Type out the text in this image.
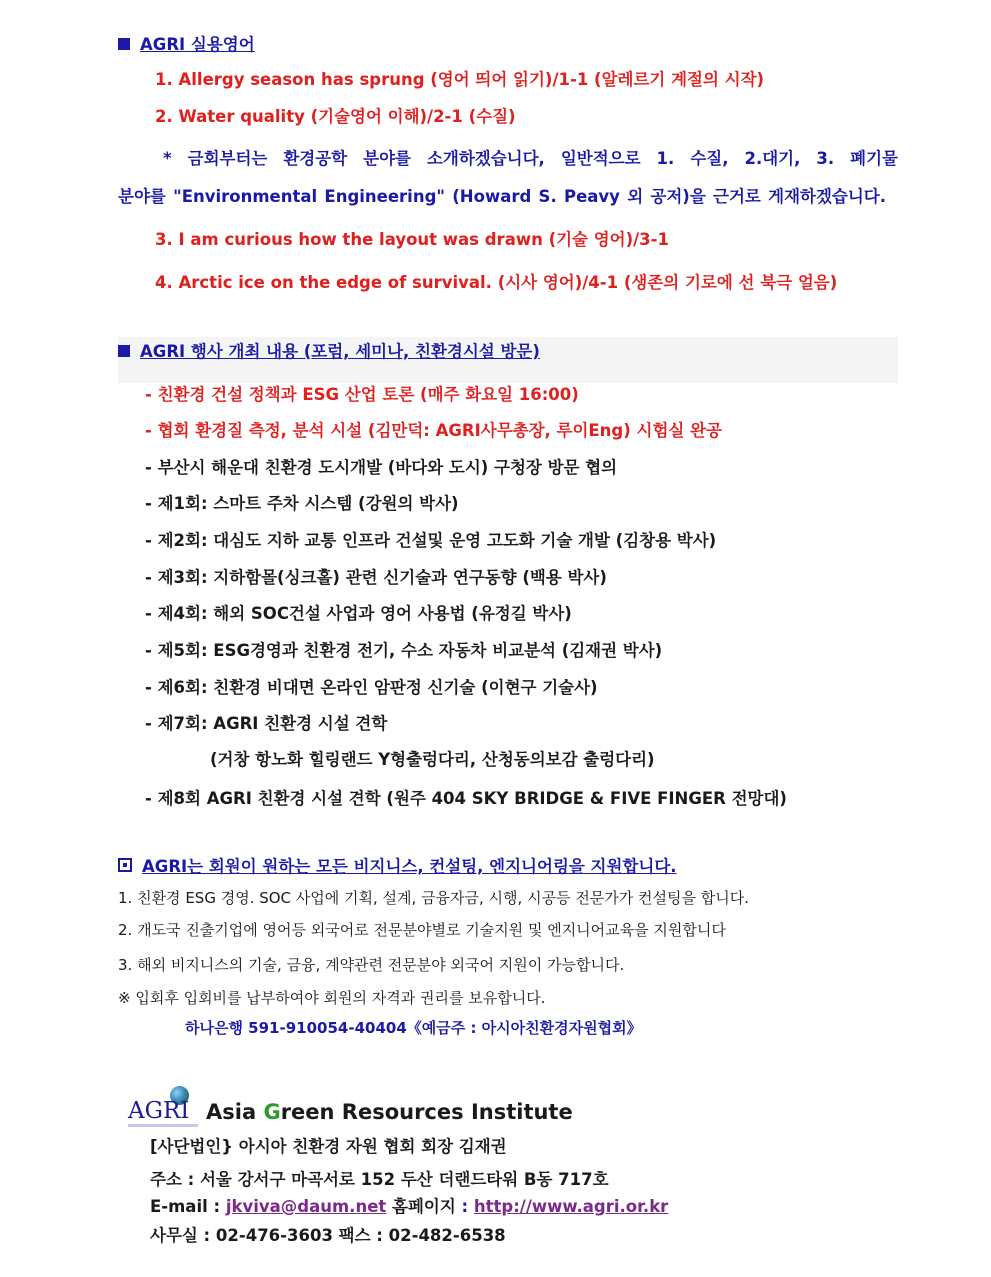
AGRI 실용영어
1. Allergy season has sprung (영어 띄어 읽기)/1-1 (알레르기 계절의 시작)
2. Water quality (기술영어 이해)/2-1 (수질)
* 금회부터는 환경공학 분야를 소개하겠습니다, 일반적으로 1. 수질, 2.대기, 3. 폐기물
분야를 "Environmental Engineering" (Howard S. Peavy 외 공저)을 근거로 게재하겠습니다.
3. I am curious how the layout was drawn (기술 영어)/3-1
4. Arctic ice on the edge of survival. (시사 영어)/4-1 (생존의 기로에 선 북극 얼음)
AGRI 행사 개최 내용 (포럼, 세미나, 친환경시설 방문)
- 친환경 건설 정책과 ESG 산업 토론 (매주 화요일 16:00)
- 협회 환경질 측정, 분석 시설 (김만덕: AGRI사무총장, 루이Eng) 시험실 완공
- 부산시 해운대 친환경 도시개발 (바다와 도시) 구청장 방문 협의
- 제1회: 스마트 주차 시스템 (강원의 박사)
- 제2회: 대심도 지하 교통 인프라 건설및 운영 고도화 기술 개발 (김창용 박사)
- 제3회: 지하함몰(싱크홀) 관련 신기술과 연구동향 (백용 박사)
- 제4회: 해외 SOC건설 사업과 영어 사용법 (유정길 박사)
- 제5회: ESG경영과 친환경 전기, 수소 자동차 비교분석 (김재권 박사)
- 제6회: 친환경 비대면 온라인 암판정 신기술 (이현구 기술사)
- 제7회: AGRI 친환경 시설 견학
(거창 항노화 힐링랜드 Y형출렁다리, 산청동의보감 출렁다리)
- 제8회 AGRI 친환경 시설 견학 (원주 404 SKY BRIDGE & FIVE FINGER 전망대)
AGRI는 회원이 원하는 모든 비지니스, 컨설팅, 엔지니어링을 지원합니다.
1. 친환경 ESG 경영. SOC 사업에 기획, 설계, 금융자금, 시행, 시공등 전문가가 컨설팅을 합니다.
2. 개도국 진출기업에 영어등 외국어로 전문분야별로 기술지원 및 엔지니어교육을 지원합니다
3. 해외 비지니스의 기술, 금융, 계약관련 전문분야 외국어 지원이 가능합니다.
※ 입회후 입회비를 납부하여야 회원의 자격과 권리를 보유합니다.
하나은행 591-910054-40404《예금주 : 아시아친환경자원협회》
AGRI Asia Green Resources Institute
[사단법인} 아시아 친환경 자원 협회 회장 김재권
주소 : 서울 강서구 마곡서로 152 두산 더랜드타워 B동 717호
E-mail : jkviva@daum.net 홈페이지 : http://www.agri.or.kr
사무실 : 02-476-3603 팩스 : 02-482-6538
